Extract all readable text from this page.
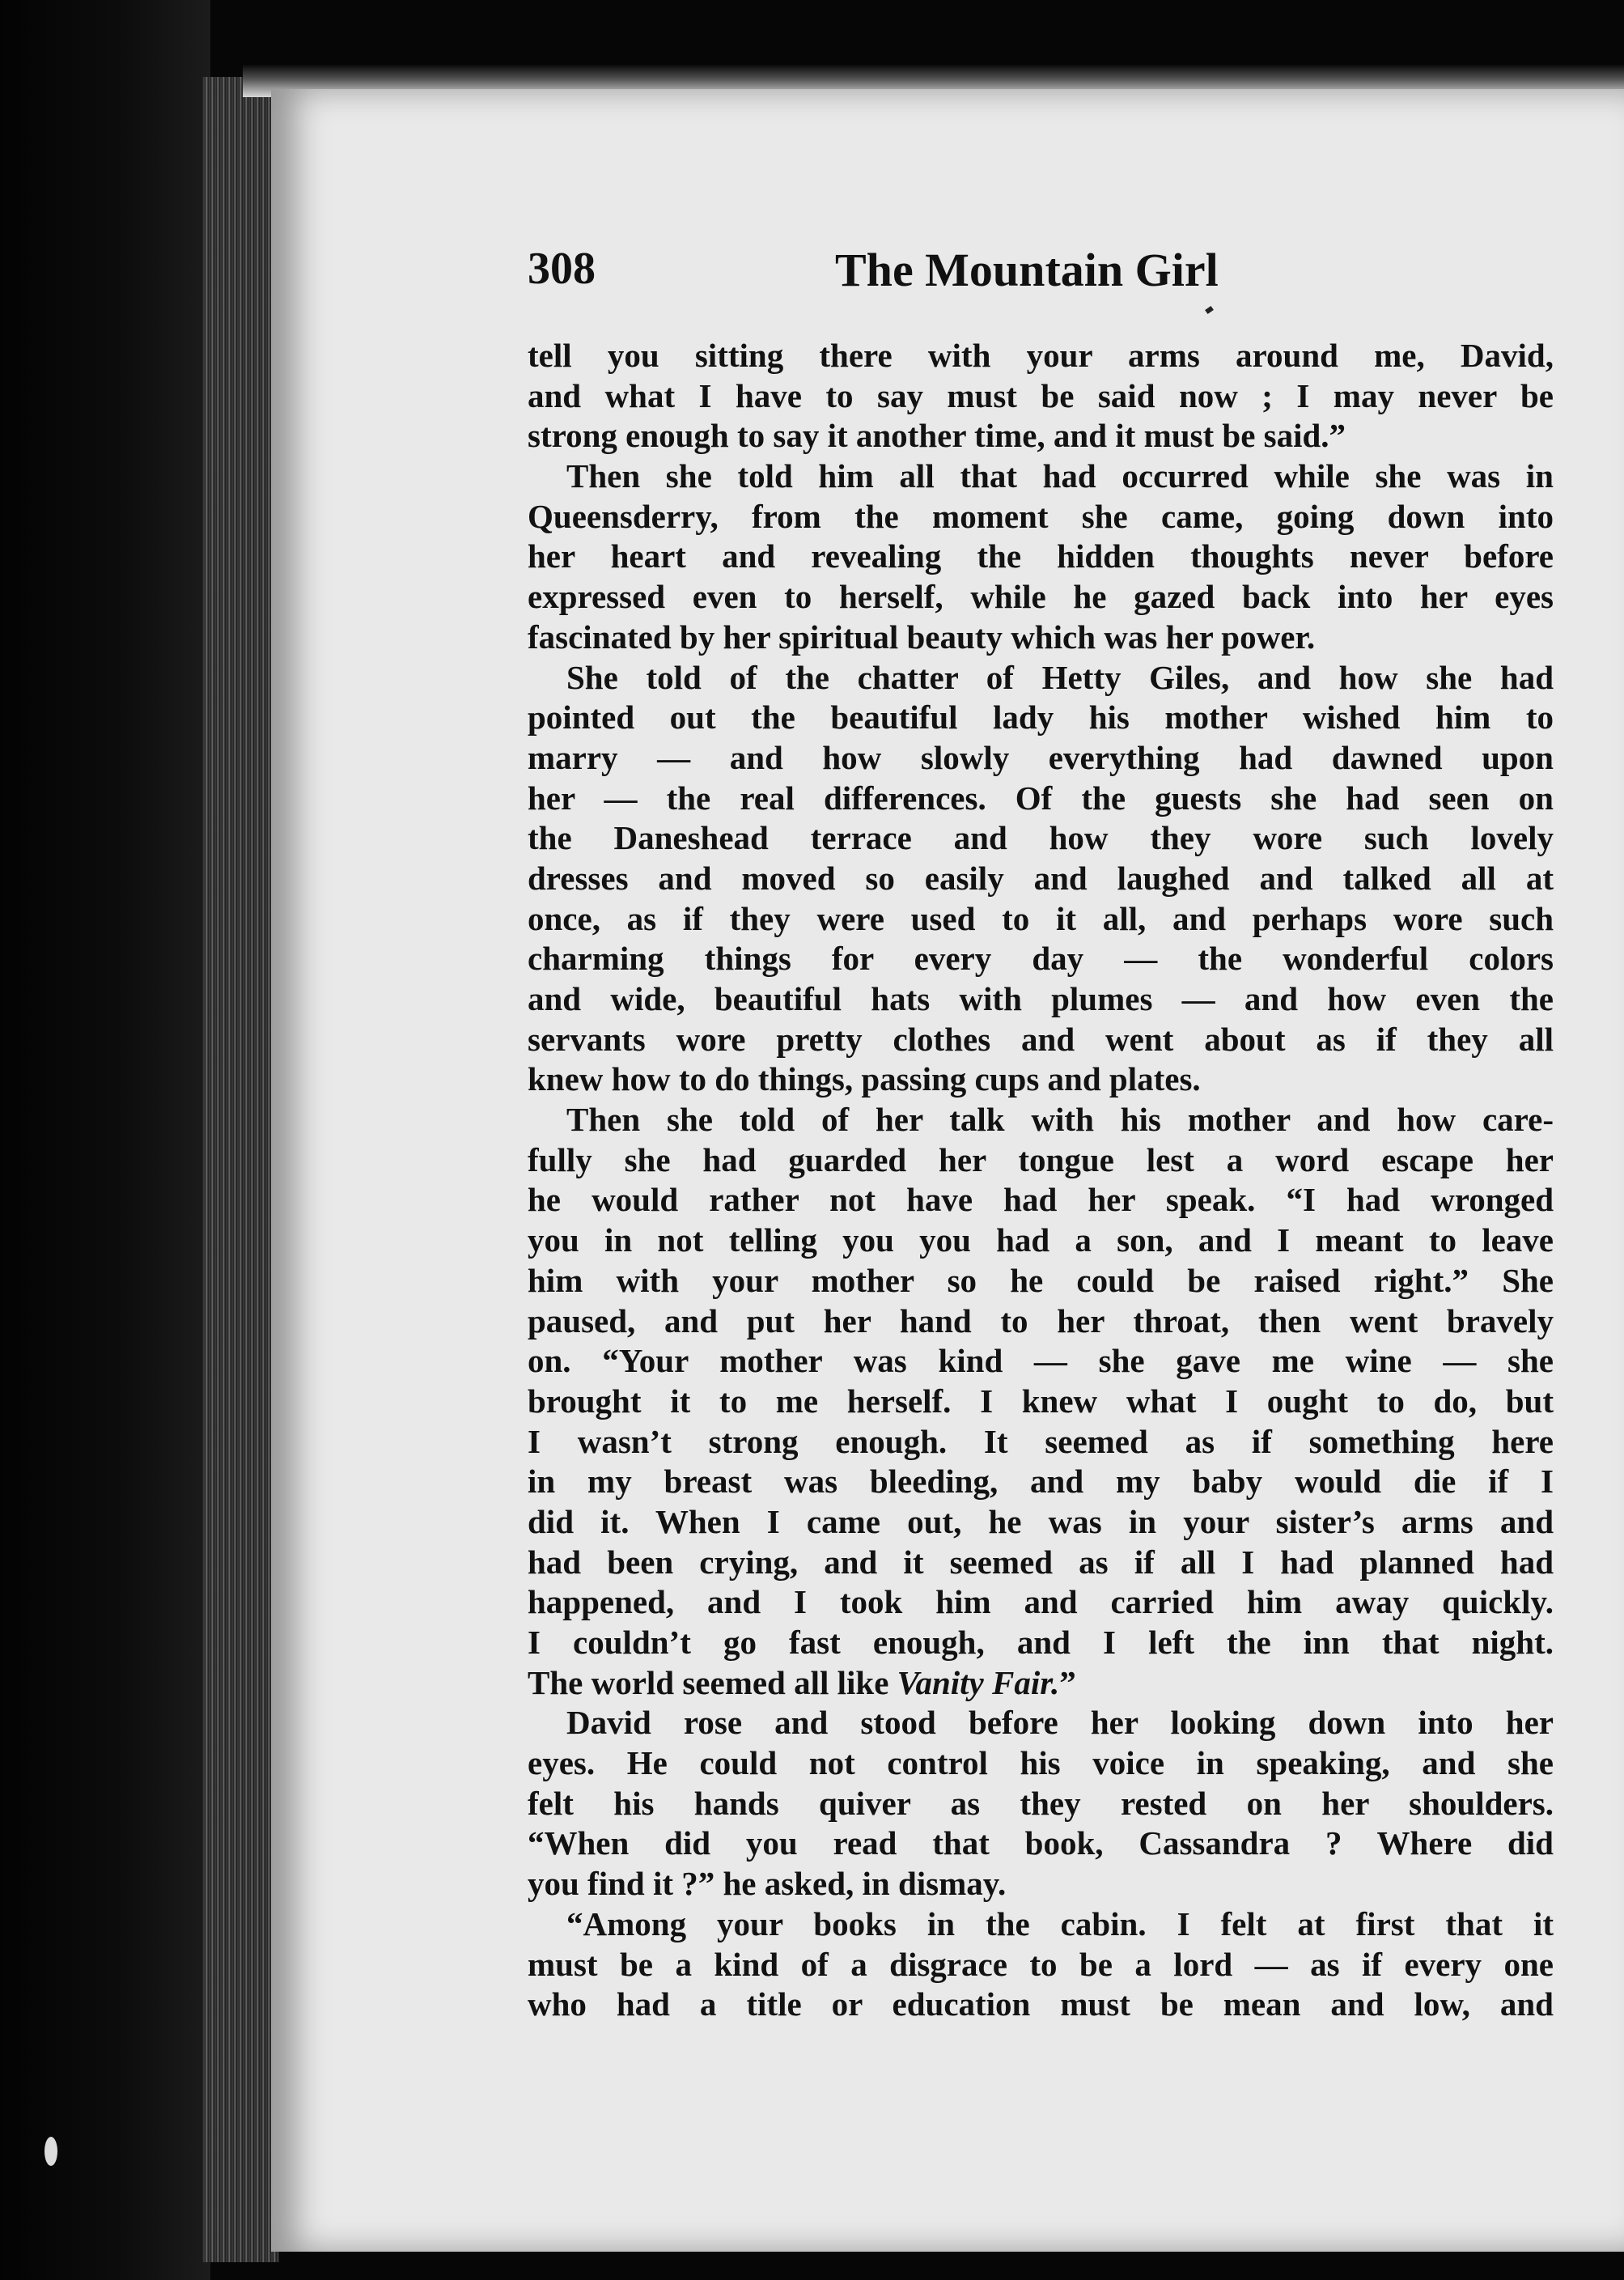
308	The Mountain Girl
tell you sitting there with your arms around me, David,
and what I have to say must be said now ; I may never be
strong enough to say it another time, and it must be said.”
Then she told him all that had occurred while she was in
Queensderry, from the moment she came, going down into
her heart and revealing the hidden thoughts never before
expressed even to herself, while he gazed back into her eyes
fascinated by her spiritual beauty which was her power.
She told of the chatter of Hetty Giles, and how she had
pointed out the beautiful lady his mother wished him to
marry — and how slowly everything had dawned upon
her — the real differences. Of the guests she had seen on
the Daneshead terrace and how they wore such lovely
dresses and moved so easily and laughed and talked all at
once, as if they were used to it all, and perhaps wore such
charming things for every day — the wonderful colors
and wide, beautiful hats with plumes — and how even the
servants wore pretty clothes and went about as if they all
knew how to do things, passing cups and plates.
Then she told of her talk with his mother and how care-
fully she had guarded her tongue lest a word escape her
he would rather not have had her speak. “I had wronged
you in not telling you you had a son, and I meant to leave
him with your mother so he could be raised right.” She
paused, and put her hand to her throat, then went bravely
on. “Your mother was kind — she gave me wine — she
brought it to me herself. I knew what I ought to do, but
I wasn’t strong enough. It seemed as if something here
in my breast was bleeding, and my baby would die if I
did it. When I came out, he was in your sister’s arms and
had been crying, and it seemed as if all I had planned had
happened, and I took him and carried him away quickly.
I couldn’t go fast enough, and I left the inn that night.
The world seemed all like Vanity Fair.”
David rose and stood before her looking down into her
eyes. He could not control his voice in speaking, and she
felt his hands quiver as they rested on her shoulders.
“When did you read that book, Cassandra ? Where did
you find it ?” he asked, in dismay.
“Among your books in the cabin. I felt at first that it
must be a kind of a disgrace to be a lord — as if every one
who had a title or education must be mean and low, and
